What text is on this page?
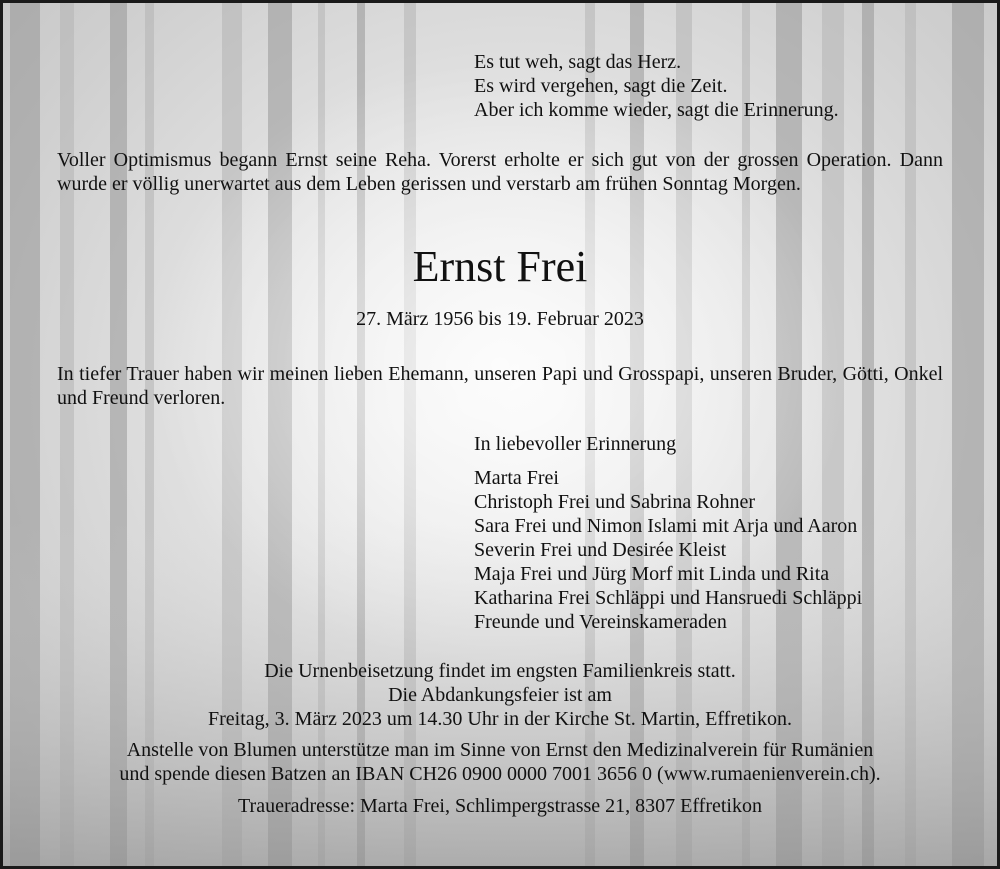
Es tut weh, sagt das Herz.
Es wird vergehen, sagt die Zeit.
Aber ich komme wieder, sagt die Erinnerung.

Voller Optimismus begann Ernst seine Reha. Vorerst erholte er sich gut von der grossen Operation. Dann wurde er völlig unerwartet aus dem Leben gerissen und verstarb am frühen Sonntag Morgen.

Ernst Frei

27. März 1956 bis 19. Februar 2023

In tiefer Trauer haben wir meinen lieben Ehemann, unseren Papi und Grosspapi, unseren Bruder, Götti, Onkel und Freund verloren.

In liebevoller Erinnerung

Marta Frei
Christoph Frei und Sabrina Rohner
Sara Frei und Nimon Islami mit Arja und Aaron
Severin Frei und Desirée Kleist
Maja Frei und Jürg Morf mit Linda und Rita
Katharina Frei Schläppi und Hansruedi Schläppi
Freunde und Vereinskameraden
Die Urnenbeisetzung findet im engsten Familienkreis statt.
Die Abdankungsfeier ist am
Freitag, 3. März 2023 um 14.30 Uhr in der Kirche St. Martin, Effretikon.
Anstelle von Blumen unterstütze man im Sinne von Ernst den Medizinalverein für Rumänien
und spende diesen Batzen an IBAN CH26 0900 0000 7001 3656 0 (www.rumaenienverein.ch).

Traueradresse: Marta Frei, Schlimpergstrasse 21, 8307 Effretikon
